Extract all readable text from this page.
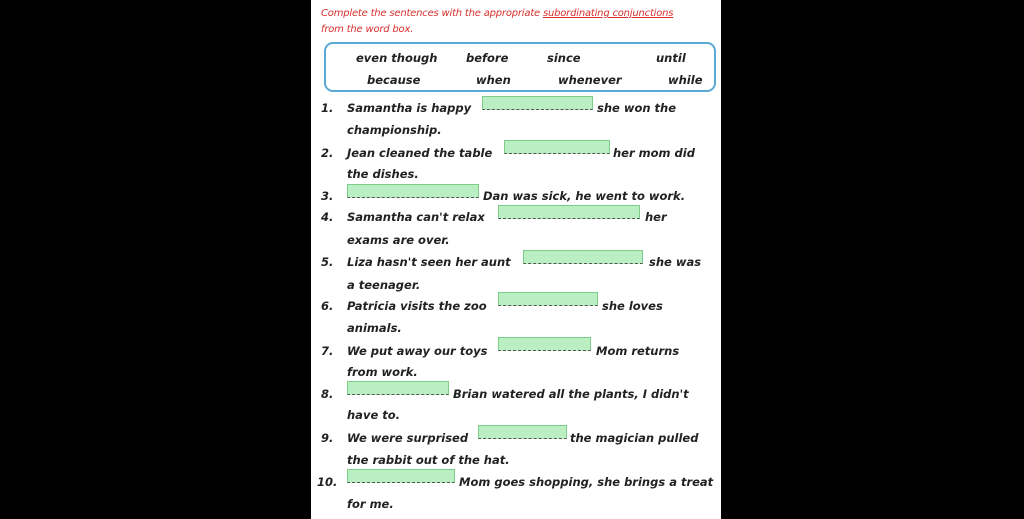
Complete the sentences with the appropriate subordinating conjunctions
from the word box.
even though before	since	until
because	when	whenever	while
1. Samantha is happy	she won the
championship.
2. Jean cleaned the table	her mom did
the dishes.
3.	Dan was sick, he went to work.
4. Samantha can't relax	her
exams are over.
5. Liza hasn't seen her aunt	she was
a teenager.
6. Patricia visits the zoo	she loves
animals.
7. We put away our toys	Mom returns
from work.
8.	Brian watered all the plants, I didn't
have to.
9. We were surprised	the magician pulled
the rabbit out of the hat.
10.	Mom goes shopping, she brings a treat
for me.
